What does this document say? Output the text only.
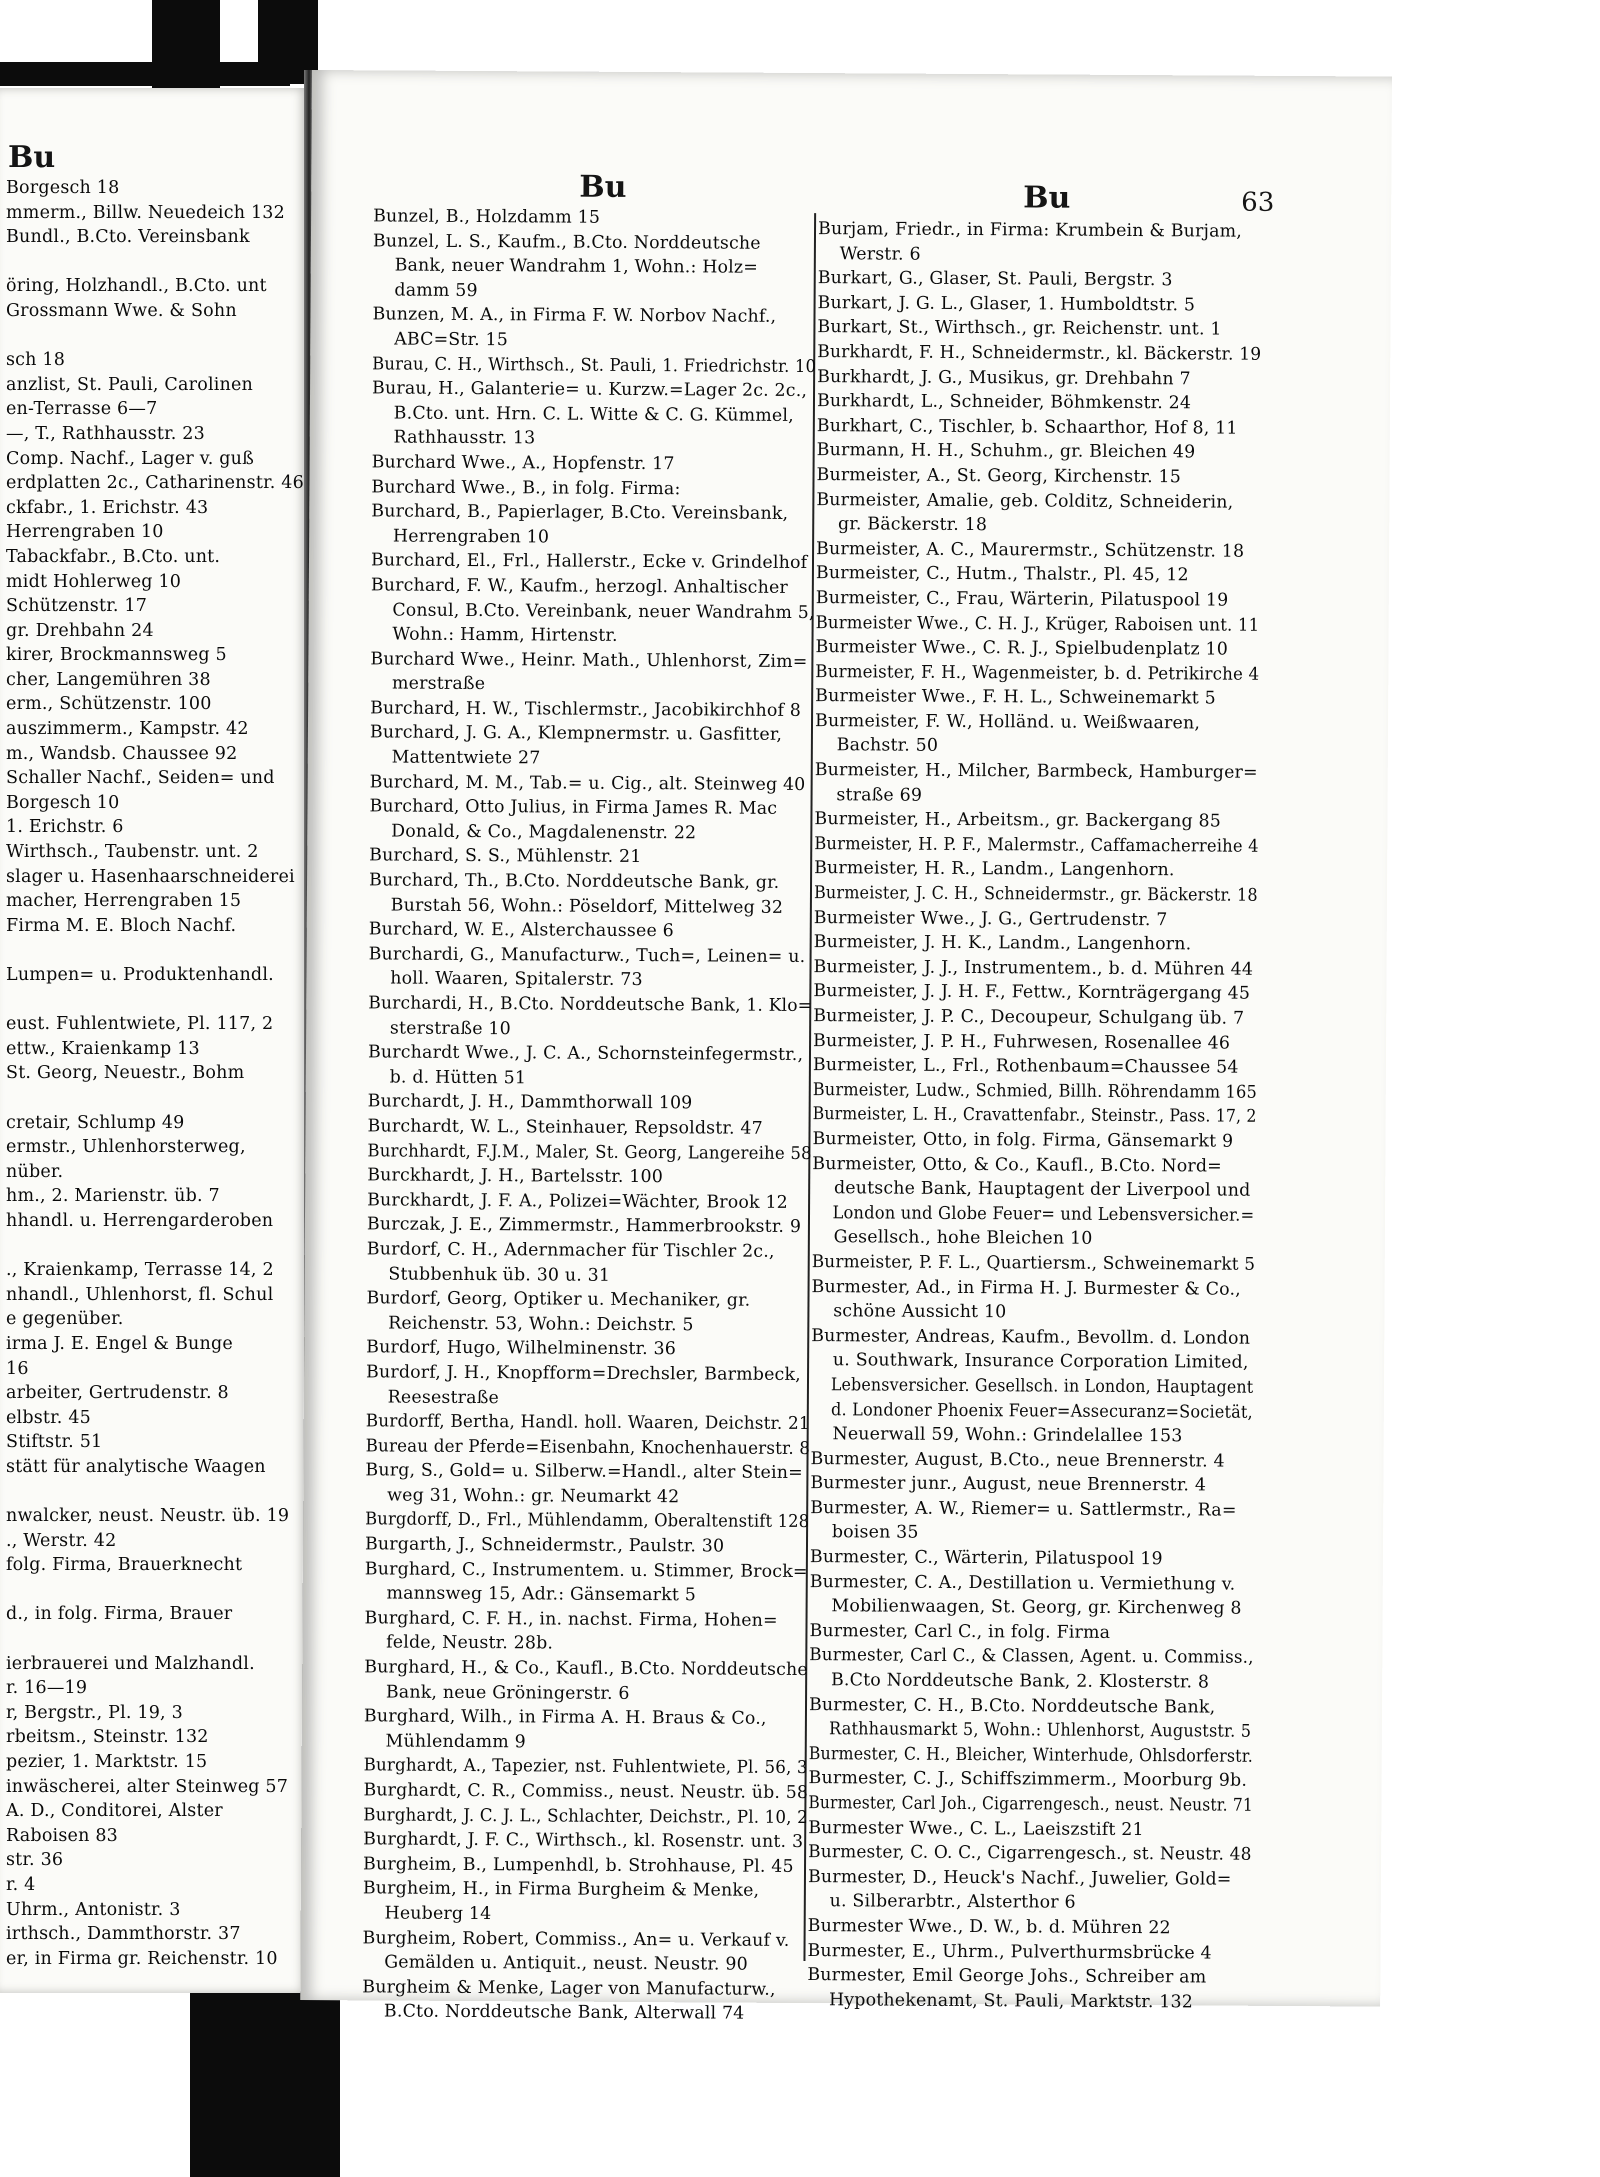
Bu
Borgesch 18
mmerm., Billw. Neuedeich 132
Bundl., B.Cto. Vereinsbank

öring, Holzhandl., B.Cto. unt
Grossmann Wwe. & Sohn

sch 18
anzlist, St. Pauli, Carolinen
en-Terrasse 6—7
—, T., Rathhausstr. 23
Comp. Nachf., Lager v. guß
erdplatten 2c., Catharinenstr. 46
ckfabr., 1. Erichstr. 43
Herrengraben 10
Tabackfabr., B.Cto. unt.
midt Hohlerweg 10
Schützenstr. 17
gr. Drehbahn 24
kirer, Brockmannsweg 5
cher, Langemühren 38
erm., Schützenstr. 100
auszimmerm., Kampstr. 42
m., Wandsb. Chaussee 92
Schaller Nachf., Seiden= und
Borgesch 10
1. Erichstr. 6
Wirthsch., Taubenstr. unt. 2
slager u. Hasenhaarschneiderei
macher, Herrengraben 15
Firma M. E. Bloch Nachf.

Lumpen= u. Produktenhandl.

eust. Fuhlentwiete, Pl. 117, 2
ettw., Kraienkamp 13
St. Georg, Neuestr., Bohm

cretair, Schlump 49
ermstr., Uhlenhorsterweg,
nüber.
hm., 2. Marienstr. üb. 7
hhandl. u. Herrengarderoben

., Kraienkamp, Terrasse 14, 2
nhandl., Uhlenhorst, fl. Schul
e gegenüber.
irma J. E. Engel & Bunge
16
arbeiter, Gertrudenstr. 8
elbstr. 45
Stiftstr. 51
stätt für analytische Waagen

nwalcker, neust. Neustr. üb. 19
., Werstr. 42
folg. Firma, Brauerknecht

d., in folg. Firma, Brauer

ierbrauerei und Malzhandl.
r. 16—19
r, Bergstr., Pl. 19, 3
rbeitsm., Steinstr. 132
pezier, 1. Marktstr. 15
inwäscherei, alter Steinweg 57
A. D., Conditorei, Alster
Raboisen 83
str. 36
r. 4
Uhrm., Antonistr. 3
irthsch., Dammthorstr. 37
er, in Firma gr. Reichenstr. 10
Bu	Bu	63
Bunzel, B., Holzdamm 15
Bunzel, L. S., Kaufm., B.Cto. Norddeutsche
Bank, neuer Wandrahm 1, Wohn.: Holz=
damm 59
Bunzen, M. A., in Firma F. W. Norbov Nachf.,
ABC=Str. 15
Burau, C. H., Wirthsch., St. Pauli, 1. Friedrichstr. 10
Burau, H., Galanterie= u. Kurzw.=Lager 2c. 2c.,
B.Cto. unt. Hrn. C. L. Witte & C. G. Kümmel,
Rathhausstr. 13
Burchard Wwe., A., Hopfenstr. 17
Burchard Wwe., B., in folg. Firma:
Burchard, B., Papierlager, B.Cto. Vereinsbank,
Herrengraben 10
Burchard, El., Frl., Hallerstr., Ecke v. Grindelhof
Burchard, F. W., Kaufm., herzogl. Anhaltischer
Consul, B.Cto. Vereinbank, neuer Wandrahm 5,
Wohn.: Hamm, Hirtenstr.
Burchard Wwe., Heinr. Math., Uhlenhorst, Zim=
merstraße
Burchard, H. W., Tischlermstr., Jacobikirchhof 8
Burchard, J. G. A., Klempnermstr. u. Gasfitter,
Mattentwiete 27
Burchard, M. M., Tab.= u. Cig., alt. Steinweg 40
Burchard, Otto Julius, in Firma James R. Mac
Donald, & Co., Magdalenenstr. 22
Burchard, S. S., Mühlenstr. 21
Burchard, Th., B.Cto. Norddeutsche Bank, gr.
Burstah 56, Wohn.: Pöseldorf, Mittelweg 32
Burchard, W. E., Alsterchaussee 6
Burchardi, G., Manufacturw., Tuch=, Leinen= u.
holl. Waaren, Spitalerstr. 73
Burchardi, H., B.Cto. Norddeutsche Bank, 1. Klo=
sterstraße 10
Burchardt Wwe., J. C. A., Schornsteinfegermstr.,
b. d. Hütten 51
Burchardt, J. H., Dammthorwall 109
Burchardt, W. L., Steinhauer, Repsoldstr. 47
Burchhardt, F.J.M., Maler, St. Georg, Langereihe 58
Burckhardt, J. H., Bartelsstr. 100
Burckhardt, J. F. A., Polizei=Wächter, Brook 12
Burczak, J. E., Zimmermstr., Hammerbrookstr. 9
Burdorf, C. H., Adernmacher für Tischler 2c.,
Stubbenhuk üb. 30 u. 31
Burdorf, Georg, Optiker u. Mechaniker, gr.
Reichenstr. 53, Wohn.: Deichstr. 5
Burdorf, Hugo, Wilhelminenstr. 36
Burdorf, J. H., Knopfform=Drechsler, Barmbeck,
Reesestraße
Burdorff, Bertha, Handl. holl. Waaren, Deichstr. 21
Bureau der Pferde=Eisenbahn, Knochenhauerstr. 8
Burg, S., Gold= u. Silberw.=Handl., alter Stein=
weg 31, Wohn.: gr. Neumarkt 42
Burgdorff, D., Frl., Mühlendamm, Oberaltenstift 128
Burgarth, J., Schneidermstr., Paulstr. 30
Burghard, C., Instrumentem. u. Stimmer, Brock=
mannsweg 15, Adr.: Gänsemarkt 5
Burghard, C. F. H., in. nachst. Firma, Hohen=
felde, Neustr. 28b.
Burghard, H., & Co., Kaufl., B.Cto. Norddeutsche
Bank, neue Gröningerstr. 6
Burghard, Wilh., in Firma A. H. Braus & Co.,
Mühlendamm 9
Burghardt, A., Tapezier, nst. Fuhlentwiete, Pl. 56, 3
Burghardt, C. R., Commiss., neust. Neustr. üb. 58
Burghardt, J. C. J. L., Schlachter, Deichstr., Pl. 10, 2
Burghardt, J. F. C., Wirthsch., kl. Rosenstr. unt. 3
Burgheim, B., Lumpenhdl, b. Strohhause, Pl. 45
Burgheim, H., in Firma Burgheim & Menke,
Heuberg 14
Burgheim, Robert, Commiss., An= u. Verkauf v.
Gemälden u. Antiquit., neust. Neustr. 90
Burgheim & Menke, Lager von Manufacturw.,
B.Cto. Norddeutsche Bank, Alterwall 74
Burjam, Friedr., in Firma: Krumbein & Burjam,
Werstr. 6
Burkart, G., Glaser, St. Pauli, Bergstr. 3
Burkart, J. G. L., Glaser, 1. Humboldtstr. 5
Burkart, St., Wirthsch., gr. Reichenstr. unt. 1
Burkhardt, F. H., Schneidermstr., kl. Bäckerstr. 19
Burkhardt, J. G., Musikus, gr. Drehbahn 7
Burkhardt, L., Schneider, Böhmkenstr. 24
Burkhart, C., Tischler, b. Schaarthor, Hof 8, 11
Burmann, H. H., Schuhm., gr. Bleichen 49
Burmeister, A., St. Georg, Kirchenstr. 15
Burmeister, Amalie, geb. Colditz, Schneiderin,
gr. Bäckerstr. 18
Burmeister, A. C., Maurermstr., Schützenstr. 18
Burmeister, C., Hutm., Thalstr., Pl. 45, 12
Burmeister, C., Frau, Wärterin, Pilatuspool 19
Burmeister Wwe., C. H. J., Krüger, Raboisen unt. 11
Burmeister Wwe., C. R. J., Spielbudenplatz 10
Burmeister, F. H., Wagenmeister, b. d. Petrikirche 4
Burmeister Wwe., F. H. L., Schweinemarkt 5
Burmeister, F. W., Holländ. u. Weißwaaren,
Bachstr. 50
Burmeister, H., Milcher, Barmbeck, Hamburger=
straße 69
Burmeister, H., Arbeitsm., gr. Backergang 85
Burmeister, H. P. F., Malermstr., Caffamacherreihe 4
Burmeister, H. R., Landm., Langenhorn.
Burmeister, J. C. H., Schneidermstr., gr. Bäckerstr. 18
Burmeister Wwe., J. G., Gertrudenstr. 7
Burmeister, J. H. K., Landm., Langenhorn.
Burmeister, J. J., Instrumentem., b. d. Mühren 44
Burmeister, J. J. H. F., Fettw., Kornträgergang 45
Burmeister, J. P. C., Decoupeur, Schulgang üb. 7
Burmeister, J. P. H., Fuhrwesen, Rosenallee 46
Burmeister, L., Frl., Rothenbaum=Chaussee 54
Burmeister, Ludw., Schmied, Billh. Röhrendamm 165
Burmeister, L. H., Cravattenfabr., Steinstr., Pass. 17, 2
Burmeister, Otto, in folg. Firma, Gänsemarkt 9
Burmeister, Otto, & Co., Kaufl., B.Cto. Nord=
deutsche Bank, Hauptagent der Liverpool und
London und Globe Feuer= und Lebensversicher.=
Gesellsch., hohe Bleichen 10
Burmeister, P. F. L., Quartiersm., Schweinemarkt 5
Burmester, Ad., in Firma H. J. Burmester & Co.,
schöne Aussicht 10
Burmester, Andreas, Kaufm., Bevollm. d. London
u. Southwark, Insurance Corporation Limited,
Lebensversicher. Gesellsch. in London, Hauptagent
d. Londoner Phoenix Feuer=Assecuranz=Societät,
Neuerwall 59, Wohn.: Grindelallee 153
Burmester, August, B.Cto., neue Brennerstr. 4
Burmester junr., August, neue Brennerstr. 4
Burmester, A. W., Riemer= u. Sattlermstr., Ra=
boisen 35
Burmester, C., Wärterin, Pilatuspool 19
Burmester, C. A., Destillation u. Vermiethung v.
Mobilienwaagen, St. Georg, gr. Kirchenweg 8
Burmester, Carl C., in folg. Firma
Burmester, Carl C., & Classen, Agent. u. Commiss.,
B.Cto Norddeutsche Bank, 2. Klosterstr. 8
Burmester, C. H., B.Cto. Norddeutsche Bank,
Rathhausmarkt 5, Wohn.: Uhlenhorst, Auguststr. 5
Burmester, C. H., Bleicher, Winterhude, Ohlsdorferstr.
Burmester, C. J., Schiffszimmerm., Moorburg 9b.
Burmester, Carl Joh., Cigarrengesch., neust. Neustr. 71
Burmester Wwe., C. L., Laeiszstift 21
Burmester, C. O. C., Cigarrengesch., st. Neustr. 48
Burmester, D., Heuck's Nachf., Juwelier, Gold=
u. Silberarbtr., Alsterthor 6
Burmester Wwe., D. W., b. d. Mühren 22
Burmester, E., Uhrm., Pulverthurmsbrücke 4
Burmester, Emil George Johs., Schreiber am
Hypothekenamt, St. Pauli, Marktstr. 132
